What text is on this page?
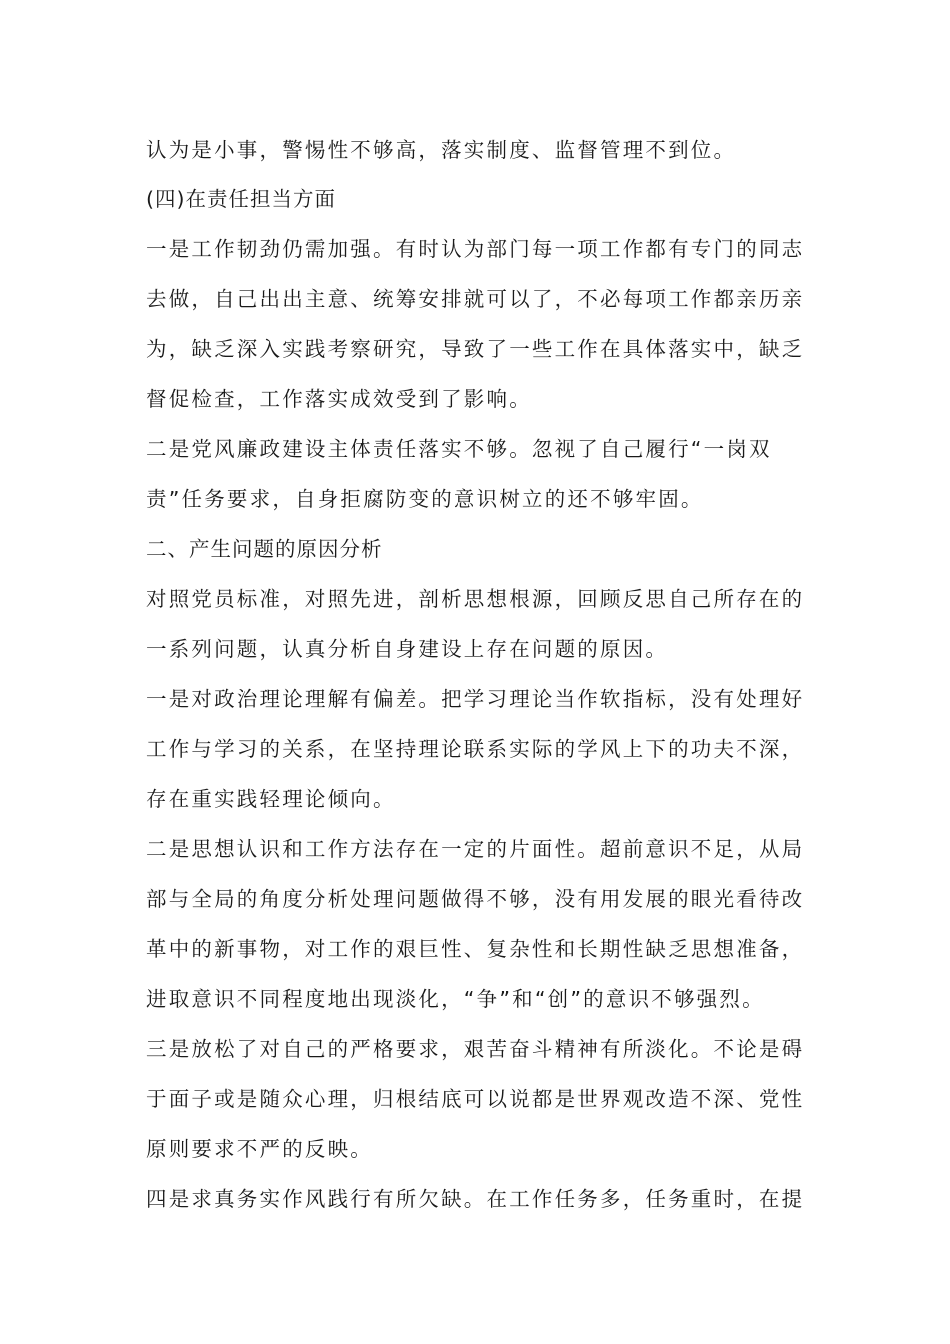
认为是小事，警惕性不够高，落实制度、监督管理不到位。
(四)在责任担当方面
一是工作韧劲仍需加强。有时认为部门每一项工作都有专门的同志
去做，自己出出主意、统筹安排就可以了，不必每项工作都亲历亲
为，缺乏深入实践考察研究，导致了一些工作在具体落实中，缺乏
督促检查，工作落实成效受到了影响。
二是党风廉政建设主体责任落实不够。忽视了自己履行“一岗双
责”任务要求，自身拒腐防变的意识树立的还不够牢固。
二、产生问题的原因分析
对照党员标准，对照先进，剖析思想根源，回顾反思自己所存在的
一系列问题，认真分析自身建设上存在问题的原因。
一是对政治理论理解有偏差。把学习理论当作软指标，没有处理好
工作与学习的关系，在坚持理论联系实际的学风上下的功夫不深，
存在重实践轻理论倾向。
二是思想认识和工作方法存在一定的片面性。超前意识不足，从局
部与全局的角度分析处理问题做得不够，没有用发展的眼光看待改
革中的新事物，对工作的艰巨性、复杂性和长期性缺乏思想准备，
进取意识不同程度地出现淡化，“争”和“创”的意识不够强烈。
三是放松了对自己的严格要求，艰苦奋斗精神有所淡化。不论是碍
于面子或是随众心理，归根结底可以说都是世界观改造不深、党性
原则要求不严的反映。
四是求真务实作风践行有所欠缺。在工作任务多，任务重时，在提
